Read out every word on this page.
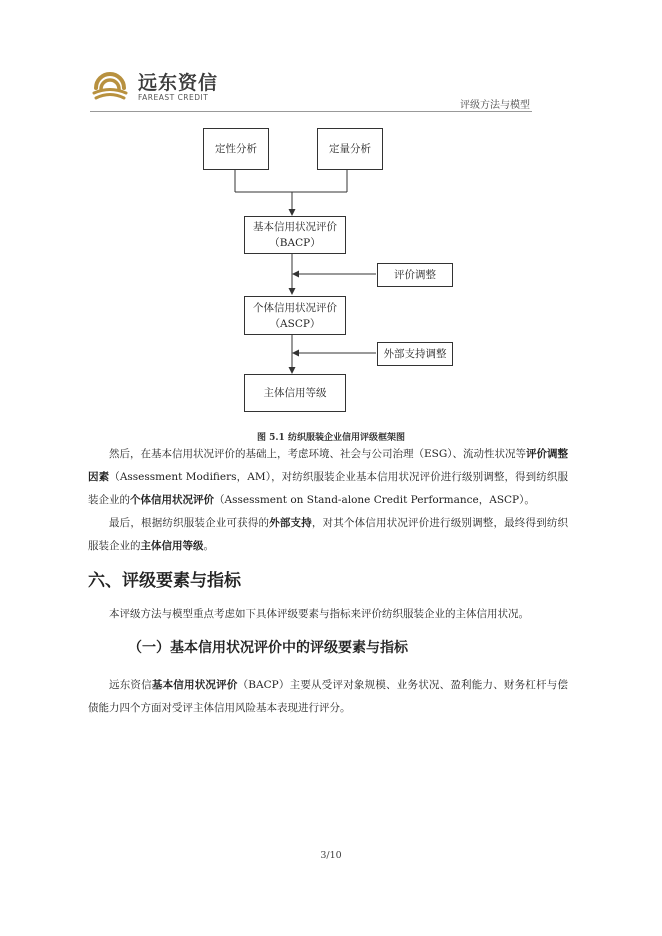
远东资信
FAREAST CREDIT
评级方法与模型
定性分析	定量分析
基本信用状况评价
（BACP）
评价调整
个体信用状况评价
（ASCP）
外部支持调整
主体信用等级
图 5.1 纺织服装企业信用评级框架图

然后，在基本信用状况评价的基础上，考虑环境、社会与公司治理（ESG）、流动性状况等评价调整因素（Assessment Modifiers，AM），对纺织服装企业基本信用状况评价进行级别调整，得到纺织服装企业的个体信用状况评价（Assessment on Stand-alone Credit Performance，ASCP）。

最后，根据纺织服装企业可获得的外部支持，对其个体信用状况评价进行级别调整，最终得到纺织服装企业的主体信用等级。

六、评级要素与指标

本评级方法与模型重点考虑如下具体评级要素与指标来评价纺织服装企业的主体信用状况。

（一）基本信用状况评价中的评级要素与指标

远东资信基本信用状况评价（BACP）主要从受评对象规模、业务状况、盈利能力、财务杠杆与偿债能力四个方面对受评主体信用风险基本表现进行评分。

3/10
